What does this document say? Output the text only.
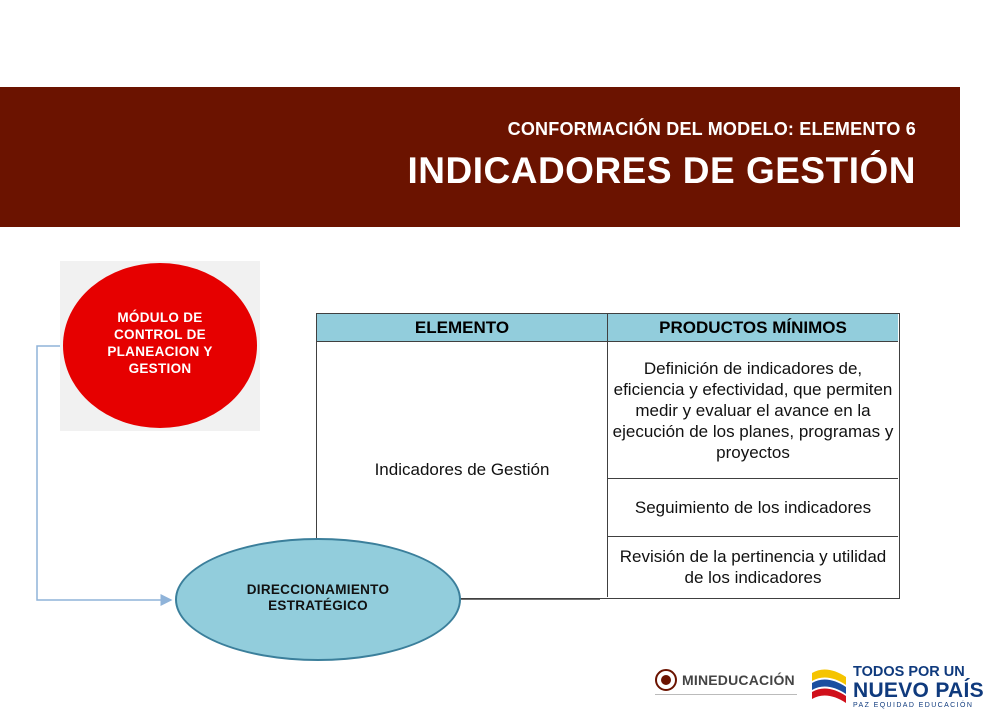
CONFORMACIÓN DEL MODELO: ELEMENTO 6
INDICADORES DE GESTIÓN
MÓDULO DE
CONTROL DE
PLANEACION Y
GESTION
ELEMENTO	PRODUCTOS MÍNIMOS
Indicadores de Gestión
Definición de indicadores de, eficiencia y efectividad, que permiten medir y evaluar el avance en la ejecución de los planes, programas y proyectos
Seguimiento de los indicadores
Revisión de la pertinencia y utilidad de los indicadores
DIRECCIONAMIENTO
ESTRATÉGICO
MINEDUCACIÓN	TODOS POR UN
NUEVO PAÍS
PAZ EQUIDAD EDUCACIÓN
